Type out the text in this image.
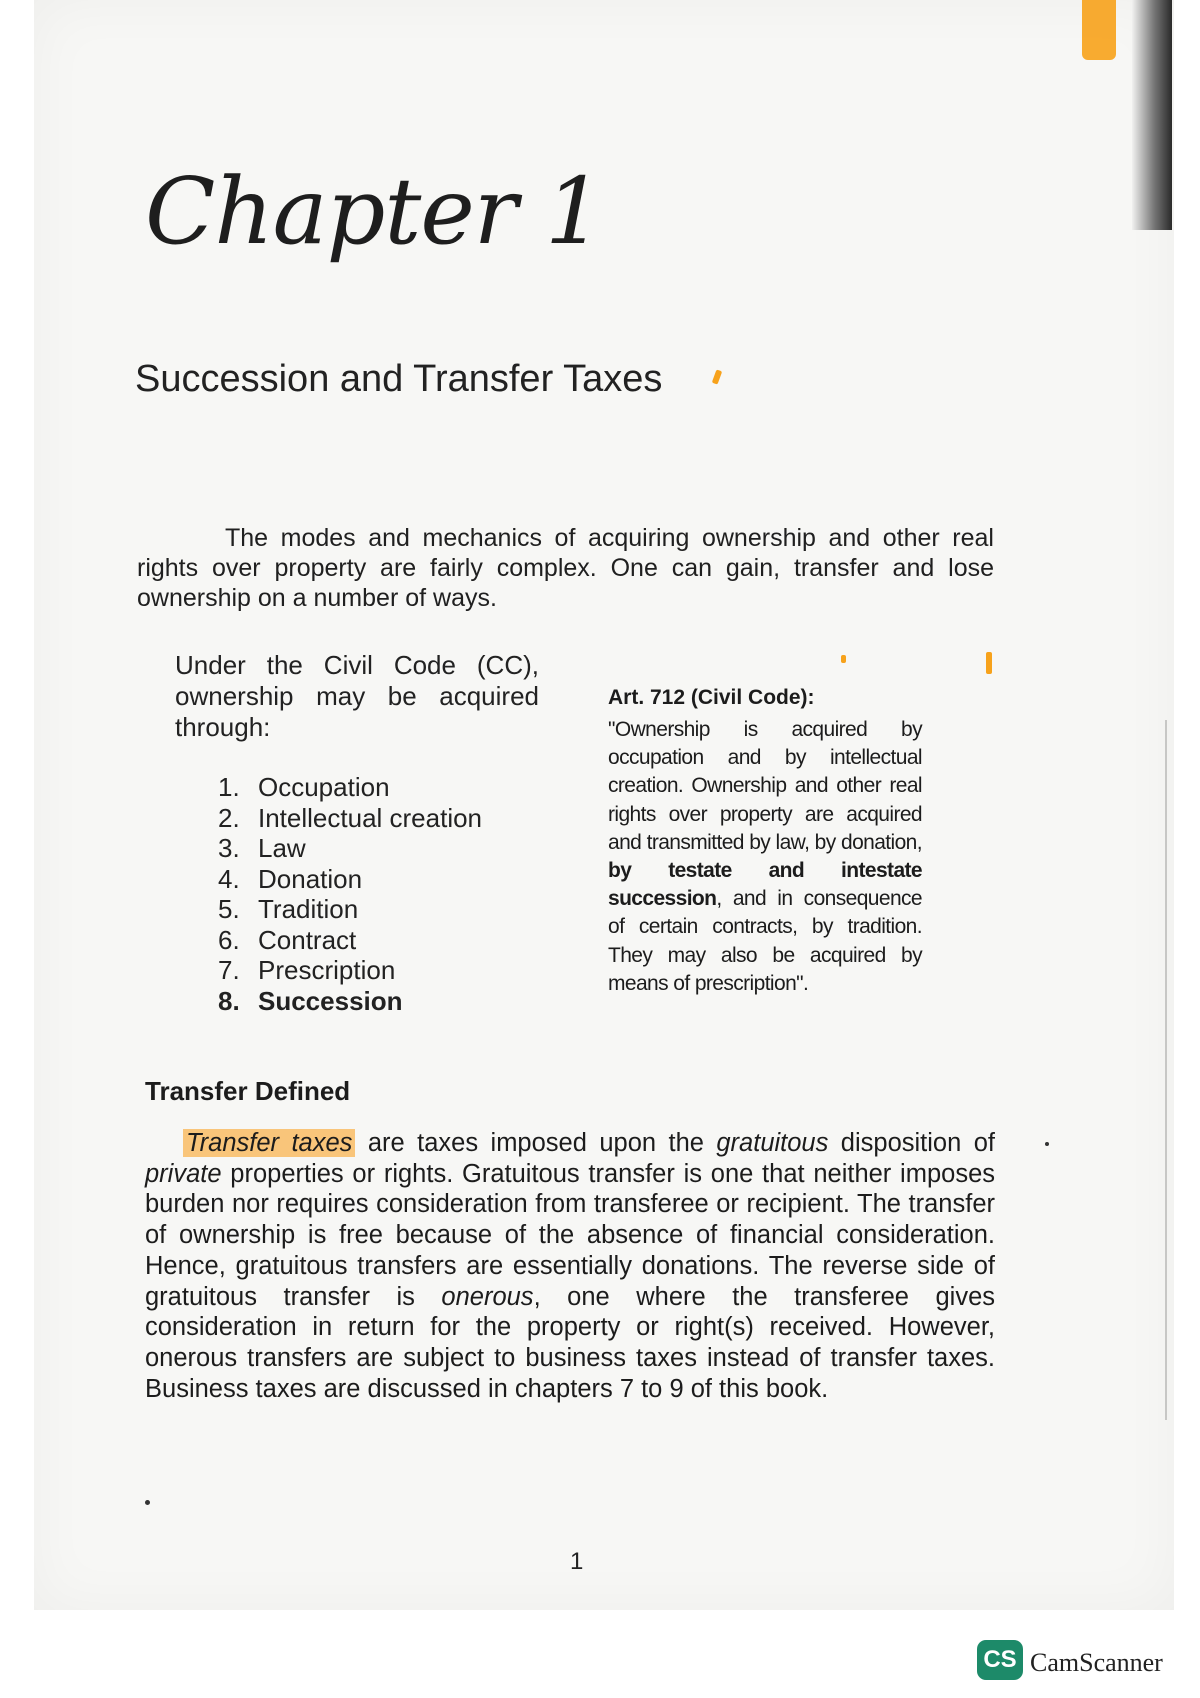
Chapter 1
Succession and Transfer Taxes
The modes and mechanics of acquiring ownership and other real rights over property are fairly complex. One can gain, transfer and lose ownership on a number of ways.
Under the Civil Code (CC), ownership may be acquired through:
1. Occupation
2. Intellectual creation
3. Law
4. Donation
5. Tradition
6. Contract
7. Prescription
8. Succession
Art. 712 (Civil Code):
"Ownership is acquired by occupation and by intellectual creation. Ownership and other real rights over property are acquired and transmitted by law, by donation, by testate and intestate succession, and in consequence of certain contracts, by tradition. They may also be acquired by means of prescription".
Transfer Defined
Transfer taxes are taxes imposed upon the gratuitous disposition of private properties or rights. Gratuitous transfer is one that neither imposes burden nor requires consideration from transferee or recipient. The transfer of ownership is free because of the absence of financial consideration. Hence, gratuitous transfers are essentially donations. The reverse side of gratuitous transfer is onerous, one where the transferee gives consideration in return for the property or right(s) received. However, onerous transfers are subject to business taxes instead of transfer taxes. Business taxes are discussed in chapters 7 to 9 of this book.
1
CS CamScanner
